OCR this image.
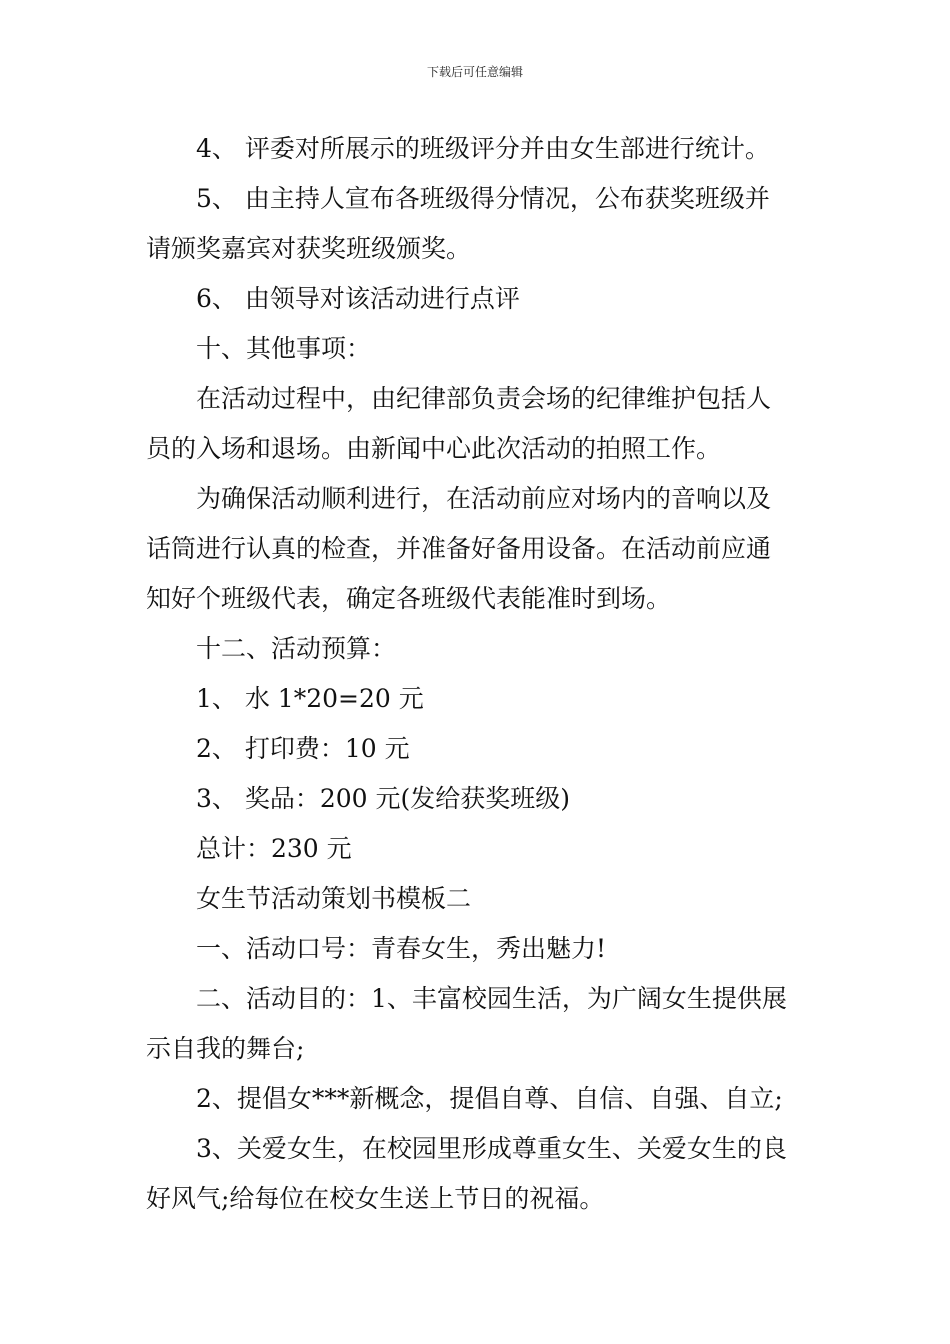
下载后可任意编辑
4、 评委对所展示的班级评分并由女生部进行统计。
5、 由主持人宣布各班级得分情况，公布获奖班级并
请颁奖嘉宾对获奖班级颁奖。
6、 由领导对该活动进行点评
十、其他事项：
在活动过程中，由纪律部负责会场的纪律维护包括人
员的入场和退场。由新闻中心此次活动的拍照工作。
为确保活动顺利进行，在活动前应对场内的音响以及
话筒进行认真的检查，并准备好备用设备。在活动前应通
知好个班级代表，确定各班级代表能准时到场。
十二、活动预算：
1、 水 1*20=20 元
2、 打印费：10 元
3、 奖品：200 元(发给获奖班级)
总计：230 元
女生节活动策划书模板二
一、活动口号：青春女生，秀出魅力!
二、活动目的：1、丰富校园生活，为广阔女生提供展
示自我的舞台;
2、提倡女***新概念，提倡自尊、自信、自强、自立;
3、关爱女生，在校园里形成尊重女生、关爱女生的良
好风气;给每位在校女生送上节日的祝福。
